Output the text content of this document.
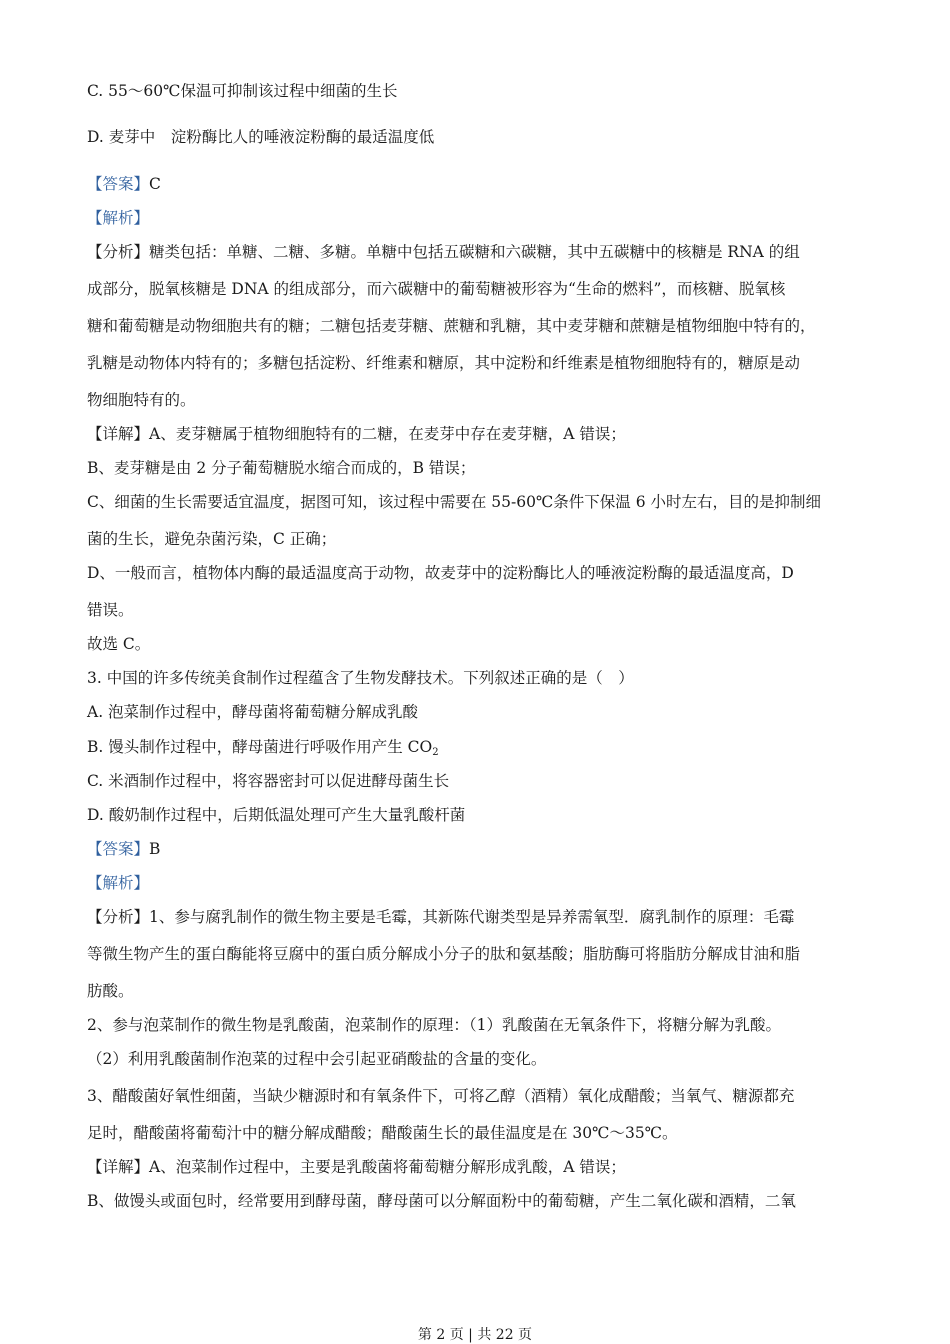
C. 55～60℃保温可抑制该过程中细菌的生长
D. 麦芽中　淀粉酶比人的唾液淀粉酶的最适温度低
【答案】C
【解析】
【分析】糖类包括：单糖、二糖、多糖。单糖中包括五碳糖和六碳糖，其中五碳糖中的核糖是 RNA 的组
成部分，脱氧核糖是 DNA 的组成部分，而六碳糖中的葡萄糖被形容为“生命的燃料”，而核糖、脱氧核
糖和葡萄糖是动物细胞共有的糖；二糖包括麦芽糖、蔗糖和乳糖，其中麦芽糖和蔗糖是植物细胞中特有的，
乳糖是动物体内特有的；多糖包括淀粉、纤维素和糖原，其中淀粉和纤维素是植物细胞特有的，糖原是动
物细胞特有的。
【详解】A、麦芽糖属于植物细胞特有的二糖，在麦芽中存在麦芽糖，A 错误；
B、麦芽糖是由 2 分子葡萄糖脱水缩合而成的，B 错误；
C、细菌的生长需要适宜温度，据图可知，该过程中需要在 55-60℃条件下保温 6 小时左右，目的是抑制细
菌的生长，避免杂菌污染，C 正确；
D、一般而言，植物体内酶的最适温度高于动物，故麦芽中的淀粉酶比人的唾液淀粉酶的最适温度高，D
错误。
故选 C。
3. 中国的许多传统美食制作过程蕴含了生物发酵技术。下列叙述正确的是（　）
A. 泡菜制作过程中，酵母菌将葡萄糖分解成乳酸
B. 馒头制作过程中，酵母菌进行呼吸作用产生 $CO_2$
C. 米酒制作过程中，将容器密封可以促进酵母菌生长
D. 酸奶制作过程中，后期低温处理可产生大量乳酸杆菌
【答案】B
【解析】
【分析】1、参与腐乳制作的微生物主要是毛霉，其新陈代谢类型是异养需氧型．腐乳制作的原理：毛霉
等微生物产生的蛋白酶能将豆腐中的蛋白质分解成小分子的肽和氨基酸；脂肪酶可将脂肪分解成甘油和脂
肪酸。
2、参与泡菜制作的微生物是乳酸菌，泡菜制作的原理：（1）乳酸菌在无氧条件下，将糖分解为乳酸。
（2）利用乳酸菌制作泡菜的过程中会引起亚硝酸盐的含量的变化。
3、醋酸菌好氧性细菌，当缺少糖源时和有氧条件下，可将乙醇（酒精）氧化成醋酸；当氧气、糖源都充
足时，醋酸菌将葡萄汁中的糖分解成醋酸；醋酸菌生长的最佳温度是在 30℃～35℃。
【详解】A、泡菜制作过程中，主要是乳酸菌将葡萄糖分解形成乳酸，A 错误；
B、做馒头或面包时，经常要用到酵母菌，酵母菌可以分解面粉中的葡萄糖，产生二氧化碳和酒精，二氧
第 2 页 | 共 22 页
